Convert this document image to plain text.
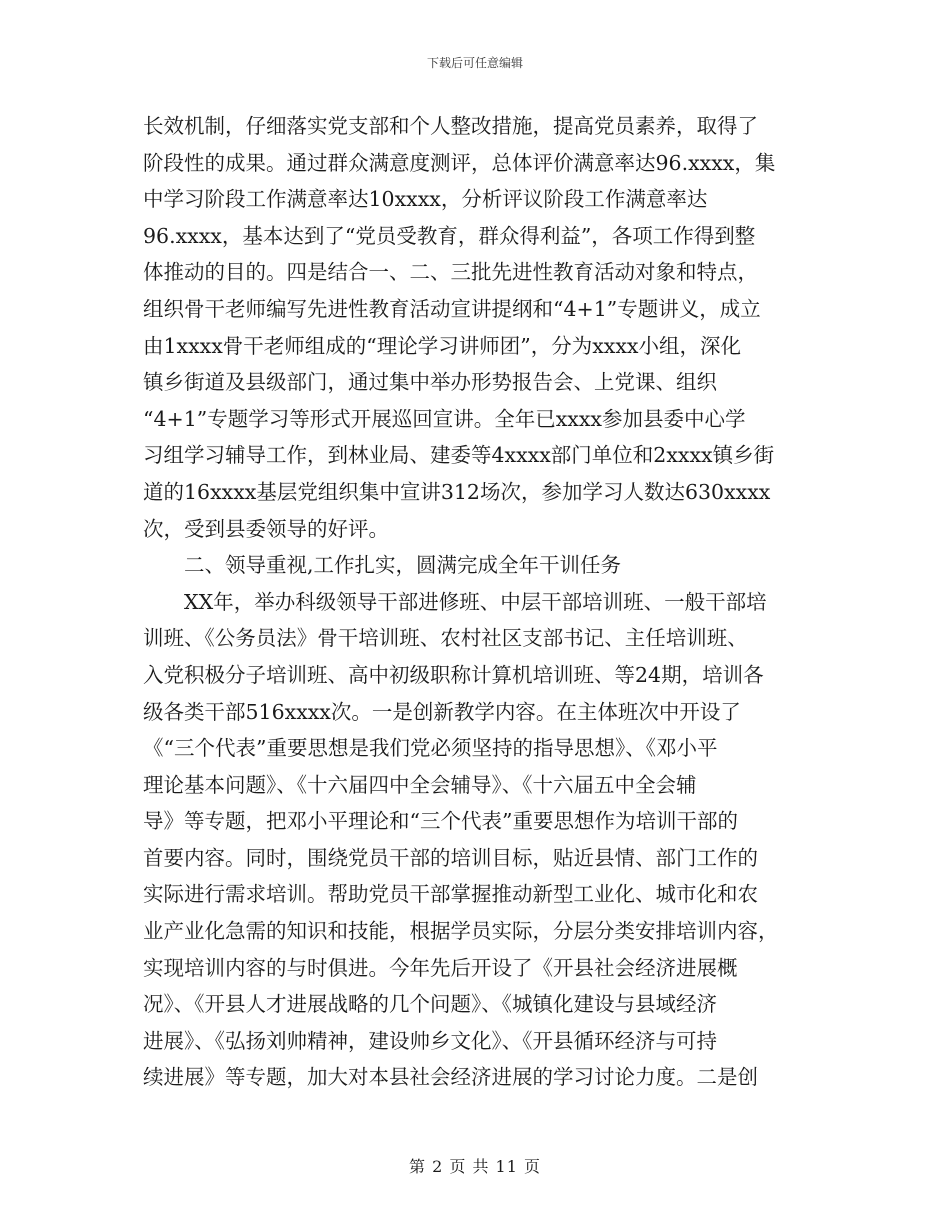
下载后可任意编辑
长效机制，仔细落实党支部和个人整改措施，提高党员素养，取得了
阶段性的成果。通过群众满意度测评，总体评价满意率达96.xxxx，集
中学习阶段工作满意率达10xxxx，分析评议阶段工作满意率达
96.xxxx，基本达到了“党员受教育，群众得利益”，各项工作得到整
体推动的目的。四是结合一、二、三批先进性教育活动对象和特点，
组织骨干老师编写先进性教育活动宣讲提纲和“4+1”专题讲义，成立
由1xxxx骨干老师组成的“理论学习讲师团”，分为xxxx小组，深化
镇乡街道及县级部门，通过集中举办形势报告会、上党课、组织
“4+1”专题学习等形式开展巡回宣讲。全年已xxxx参加县委中心学
习组学习辅导工作，到林业局、建委等4xxxx部门单位和2xxxx镇乡街
道的16xxxx基层党组织集中宣讲312场次，参加学习人数达630xxxx
次，受到县委领导的好评。
二、领导重视,工作扎实，圆满完成全年干训任务
XX年，举办科级领导干部进修班、中层干部培训班、一般干部培
训班、《公务员法》骨干培训班、农村社区支部书记、主任培训班、
入党积极分子培训班、高中初级职称计算机培训班、等24期，培训各
级各类干部516xxxx次。一是创新教学内容。在主体班次中开设了
《“三个代表”重要思想是我们党必须坚持的指导思想》、《邓小平
理论基本问题》、《十六届四中全会辅导》、《十六届五中全会辅
导》等专题，把邓小平理论和“三个代表”重要思想作为培训干部的
首要内容。同时，围绕党员干部的培训目标，贴近县情、部门工作的
实际进行需求培训。帮助党员干部掌握推动新型工业化、城市化和农
业产业化急需的知识和技能，根据学员实际，分层分类安排培训内容，
实现培训内容的与时俱进。今年先后开设了《开县社会经济进展概
况》、《开县人才进展战略的几个问题》、《城镇化建设与县域经济
进展》、《弘扬刘帅精神，建设帅乡文化》、《开县循环经济与可持
续进展》等专题，加大对本县社会经济进展的学习讨论力度。二是创
第 2 页 共 11 页
